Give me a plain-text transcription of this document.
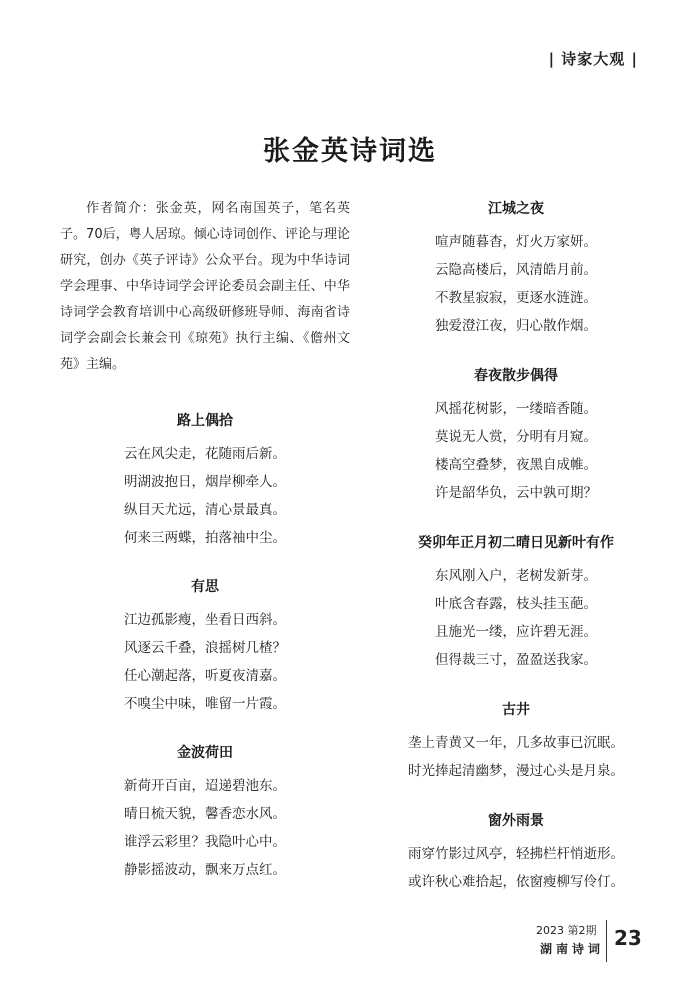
| 诗家大观 |
张金英诗词选

作者简介：张金英，网名南国英子，笔名英子。70后，粤人居琼。倾心诗词创作、评论与理论研究，创办《英子评诗》公众平台。现为中华诗词学会理事、中华诗词学会评论委员会副主任、中华诗词学会教育培训中心高级研修班导师、海南省诗词学会副会长兼会刊《琼苑》执行主编、《儋州文苑》主编。

路上偶拾

云在风尖走，花随雨后新。

明湖波抱日，烟岸柳牵人。

纵目天尤远，清心景最真。

何来三两蝶，拍落袖中尘。

有思

江边孤影瘦，坐看日西斜。

风逐云千叠，浪摇树几楂？

任心潮起落，听夏夜清嘉。

不嗅尘中味，唯留一片霞。

金波荷田

新荷开百亩，迢递碧池东。

晴日梳天貌，馨香恋水风。

谁浮云彩里？我隐叶心中。

静影摇波动，飘来万点红。

江城之夜

喧声随暮杳，灯火万家妍。

云隐高楼后，风清皓月前。

不教星寂寂，更逐水涟涟。

独爱澄江夜，归心散作烟。

春夜散步偶得

风摇花树影，一缕暗香随。

莫说无人赏，分明有月窥。

楼高空叠梦，夜黑自成帷。

许是韶华负，云中孰可期？

癸卯年正月初二晴日见新叶有作

东风刚入户，老树发新芽。

叶底含春露，枝头挂玉葩。

且施光一缕，应许碧无涯。

但得裁三寸，盈盈送我家。

古井

垄上青黄又一年，几多故事已沉眠。

时光捧起清幽梦，漫过心头是月泉。

窗外雨景

雨穿竹影过风亭，轻拂栏杆悄逝形。

或许秋心难拾起，依窗瘦柳写伶仃。

2023 第2期
湖南诗词 23
